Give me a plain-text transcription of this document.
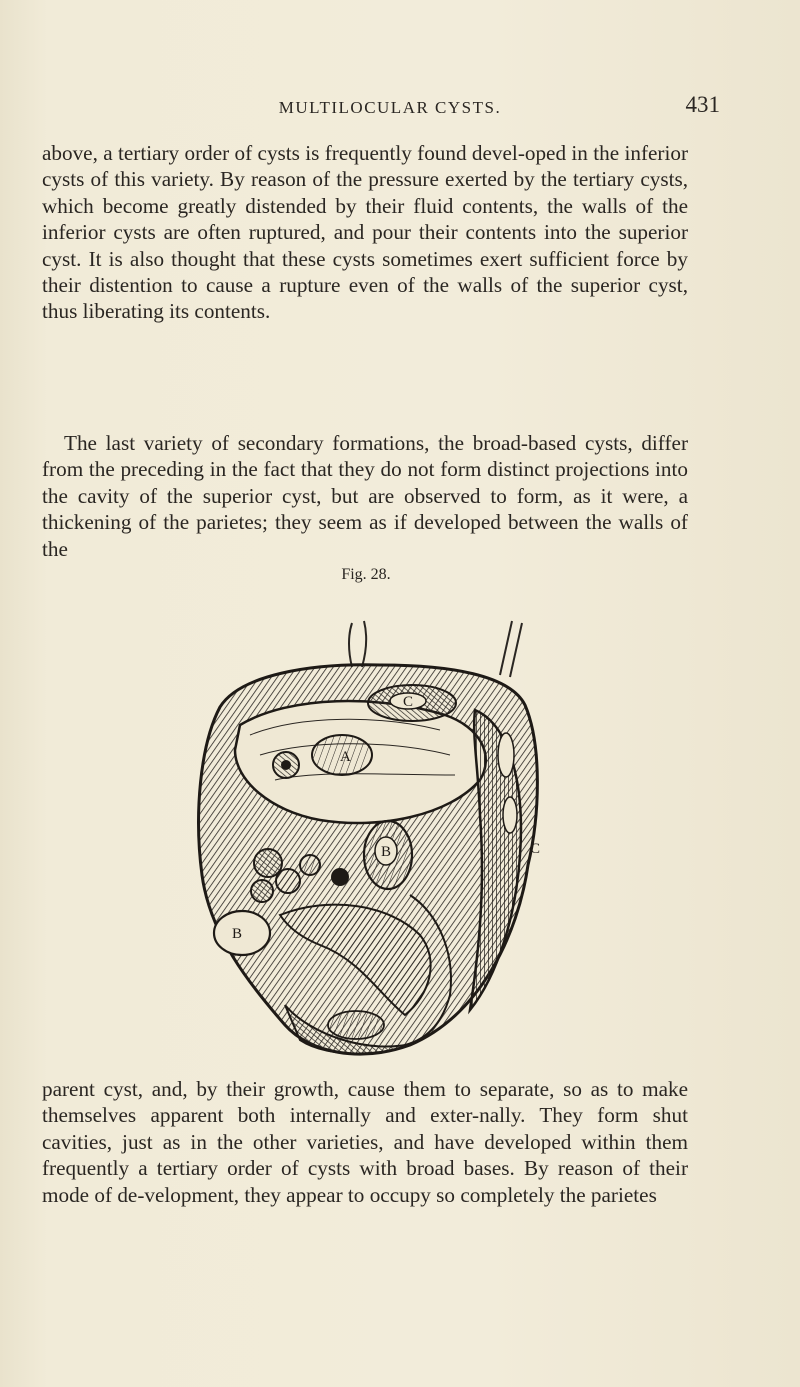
MULTILOCULAR CYSTS.	431

above, a tertiary order of cysts is frequently found devel-oped in the inferior cysts of this variety. By reason of the pressure exerted by the tertiary cysts, which become greatly distended by their fluid contents, the walls of the inferior cysts are often ruptured, and pour their contents into the superior cyst. It is also thought that these cysts sometimes exert sufficient force by their distention to cause a rupture even of the walls of the superior cyst, thus liberating its contents.

The last variety of secondary formations, the broad-based cysts, differ from the preceding in the fact that they do not form distinct projections into the cavity of the superior cyst, but are observed to form, as it were, a thickening of the parietes; they seem as if developed between the walls of the

Fig. 28.
C
A
C
B
B

parent cyst, and, by their growth, cause them to separate, so as to make themselves apparent both internally and exter-nally. They form shut cavities, just as in the other varieties, and have developed within them frequently a tertiary order of cysts with broad bases. By reason of their mode of de-velopment, they appear to occupy so completely the parietes
